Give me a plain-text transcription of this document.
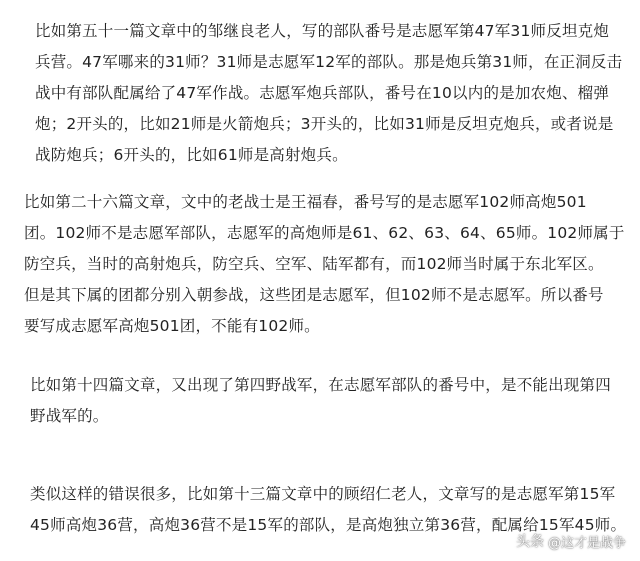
比如第五十一篇文章中的邹继良老人，写的部队番号是志愿军第47军31师反坦克炮
兵营。47军哪来的31师？31师是志愿军12军的部队。那是炮兵第31师，在正洞反击
战中有部队配属给了47军作战。志愿军炮兵部队，番号在10以内的是加农炮、榴弹
炮；2开头的，比如21师是火箭炮兵；3开头的，比如31师是反坦克炮兵，或者说是
战防炮兵；6开头的，比如61师是高射炮兵。
比如第二十六篇文章，文中的老战士是王福春，番号写的是志愿军102师高炮501
团。102师不是志愿军部队，志愿军的高炮师是61、62、63、64、65师。102师属于
防空兵，当时的高射炮兵，防空兵、空军、陆军都有，而102师当时属于东北军区。
但是其下属的团都分别入朝参战，这些团是志愿军，但102师不是志愿军。所以番号
要写成志愿军高炮501团，不能有102师。
比如第十四篇文章，又出现了第四野战军，在志愿军部队的番号中，是不能出现第四
野战军的。
类似这样的错误很多，比如第十三篇文章中的顾绍仁老人，文章写的是志愿军第15军
45师高炮36营，高炮36营不是15军的部队，是高炮独立第36营，配属给15军45师。
头条 @这才是战争
